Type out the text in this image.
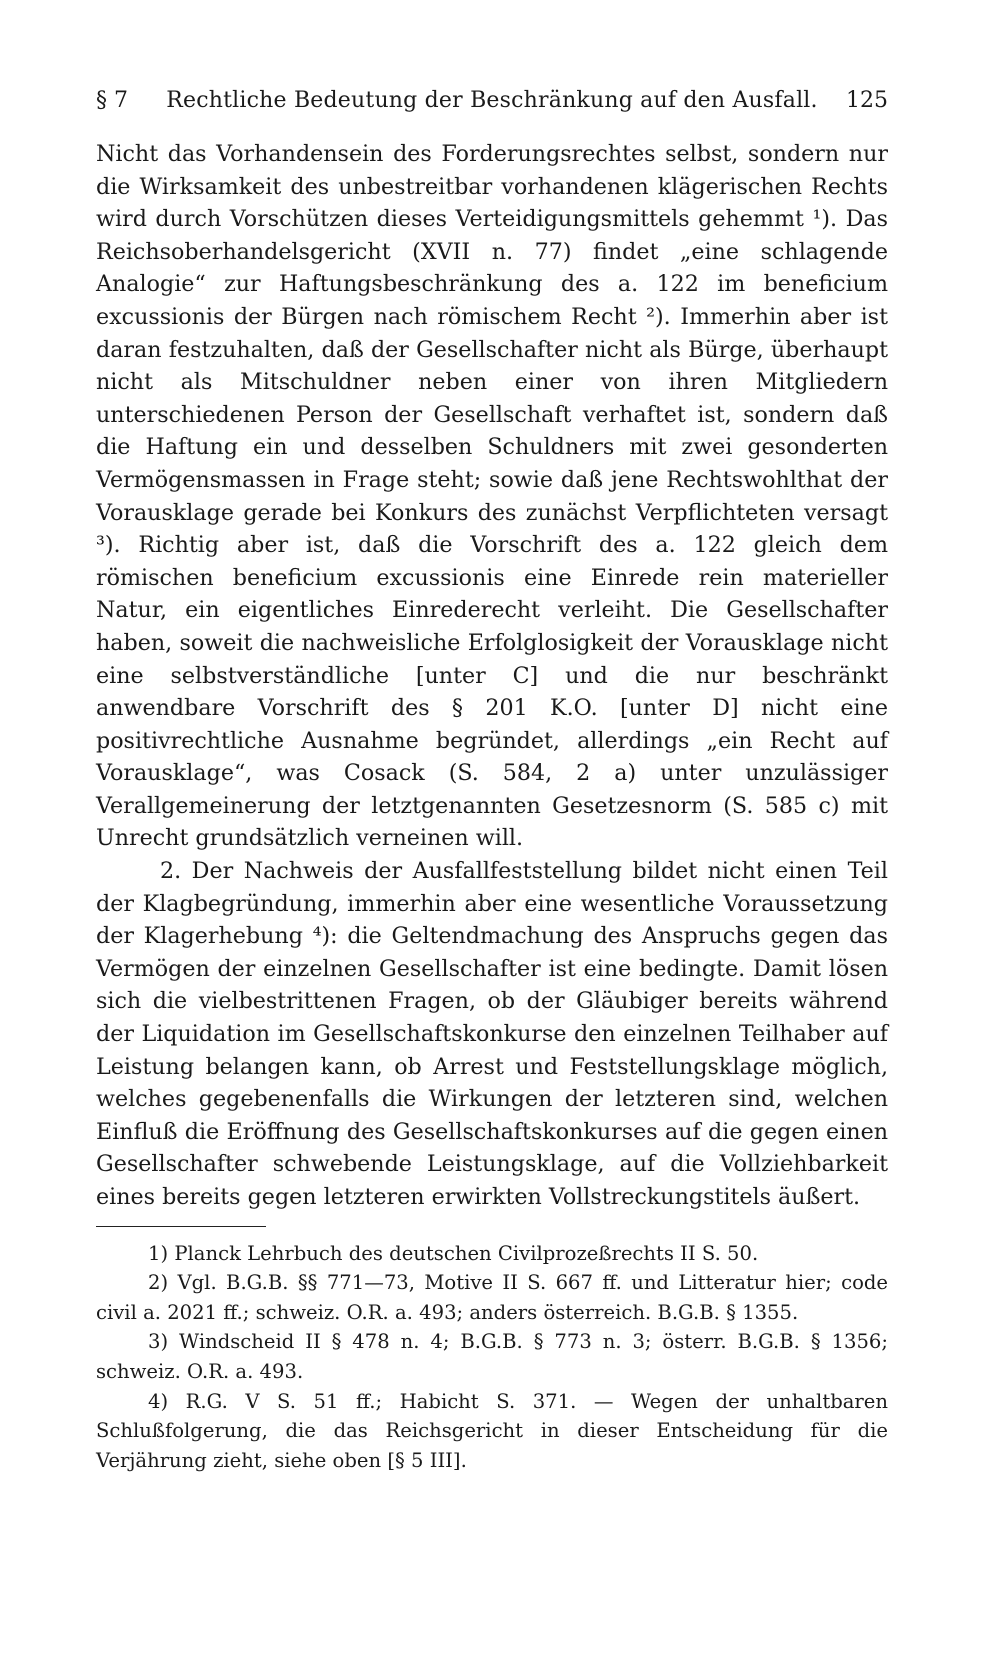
§ 7	Rechtliche Bedeutung der Beschränkung auf den Ausfall.	125

Nicht das Vorhandensein des Forderungsrechtes selbst, sondern nur die Wirksamkeit des unbestreitbar vorhandenen klägerischen Rechts wird durch Vorschützen dieses Verteidigungsmittels gehemmt ¹). Das Reichsoberhandelsgericht (XVII n. 77) findet „eine schlagende Analogie“ zur Haftungsbeschränkung des a. 122 im beneficium excussionis der Bürgen nach römischem Recht ²). Immerhin aber ist daran festzuhalten, daß der Gesellschafter nicht als Bürge, überhaupt nicht als Mitschuldner neben einer von ihren Mitgliedern unterschiedenen Person der Gesellschaft verhaftet ist, sondern daß die Haftung ein und desselben Schuldners mit zwei gesonderten Vermögensmassen in Frage steht; sowie daß jene Rechtswohlthat der Vorausklage gerade bei Konkurs des zunächst Verpflichteten versagt ³). Richtig aber ist, daß die Vorschrift des a. 122 gleich dem römischen beneficium excussionis eine Einrede rein materieller Natur, ein eigentliches Einrederecht verleiht. Die Gesellschafter haben, soweit die nachweisliche Erfolglosigkeit der Vorausklage nicht eine selbstverständliche [unter C] und die nur beschränkt anwendbare Vorschrift des § 201 K.O. [unter D] nicht eine positivrechtliche Ausnahme begründet, allerdings „ein Recht auf Vorausklage“, was Cosack (S. 584, 2 a) unter unzulässiger Verallgemeinerung der letztgenannten Gesetzesnorm (S. 585 c) mit Unrecht grundsätzlich verneinen will.

2. Der Nachweis der Ausfallfeststellung bildet nicht einen Teil der Klagbegründung, immerhin aber eine wesentliche Voraussetzung der Klagerhebung ⁴): die Geltendmachung des Anspruchs gegen das Vermögen der einzelnen Gesellschafter ist eine bedingte. Damit lösen sich die vielbestrittenen Fragen, ob der Gläubiger bereits während der Liquidation im Gesellschaftskonkurse den einzelnen Teilhaber auf Leistung belangen kann, ob Arrest und Feststellungsklage möglich, welches gegebenenfalls die Wirkungen der letzteren sind, welchen Einfluß die Eröffnung des Gesellschaftskonkurses auf die gegen einen Gesellschafter schwebende Leistungsklage, auf die Vollziehbarkeit eines bereits gegen letzteren erwirkten Vollstreckungstitels äußert.

1) Planck Lehrbuch des deutschen Civilprozeßrechts II S. 50.

2) Vgl. B.G.B. §§ 771—73, Motive II S. 667 ff. und Litteratur hier; code civil a. 2021 ff.; schweiz. O.R. a. 493; anders österreich. B.G.B. § 1355.

3) Windscheid II § 478 n. 4; B.G.B. § 773 n. 3; österr. B.G.B. § 1356; schweiz. O.R. a. 493.

4) R.G. V S. 51 ff.; Habicht S. 371. — Wegen der unhaltbaren Schlußfolgerung, die das Reichsgericht in dieser Entscheidung für die Verjährung zieht, siehe oben [§ 5 III].
